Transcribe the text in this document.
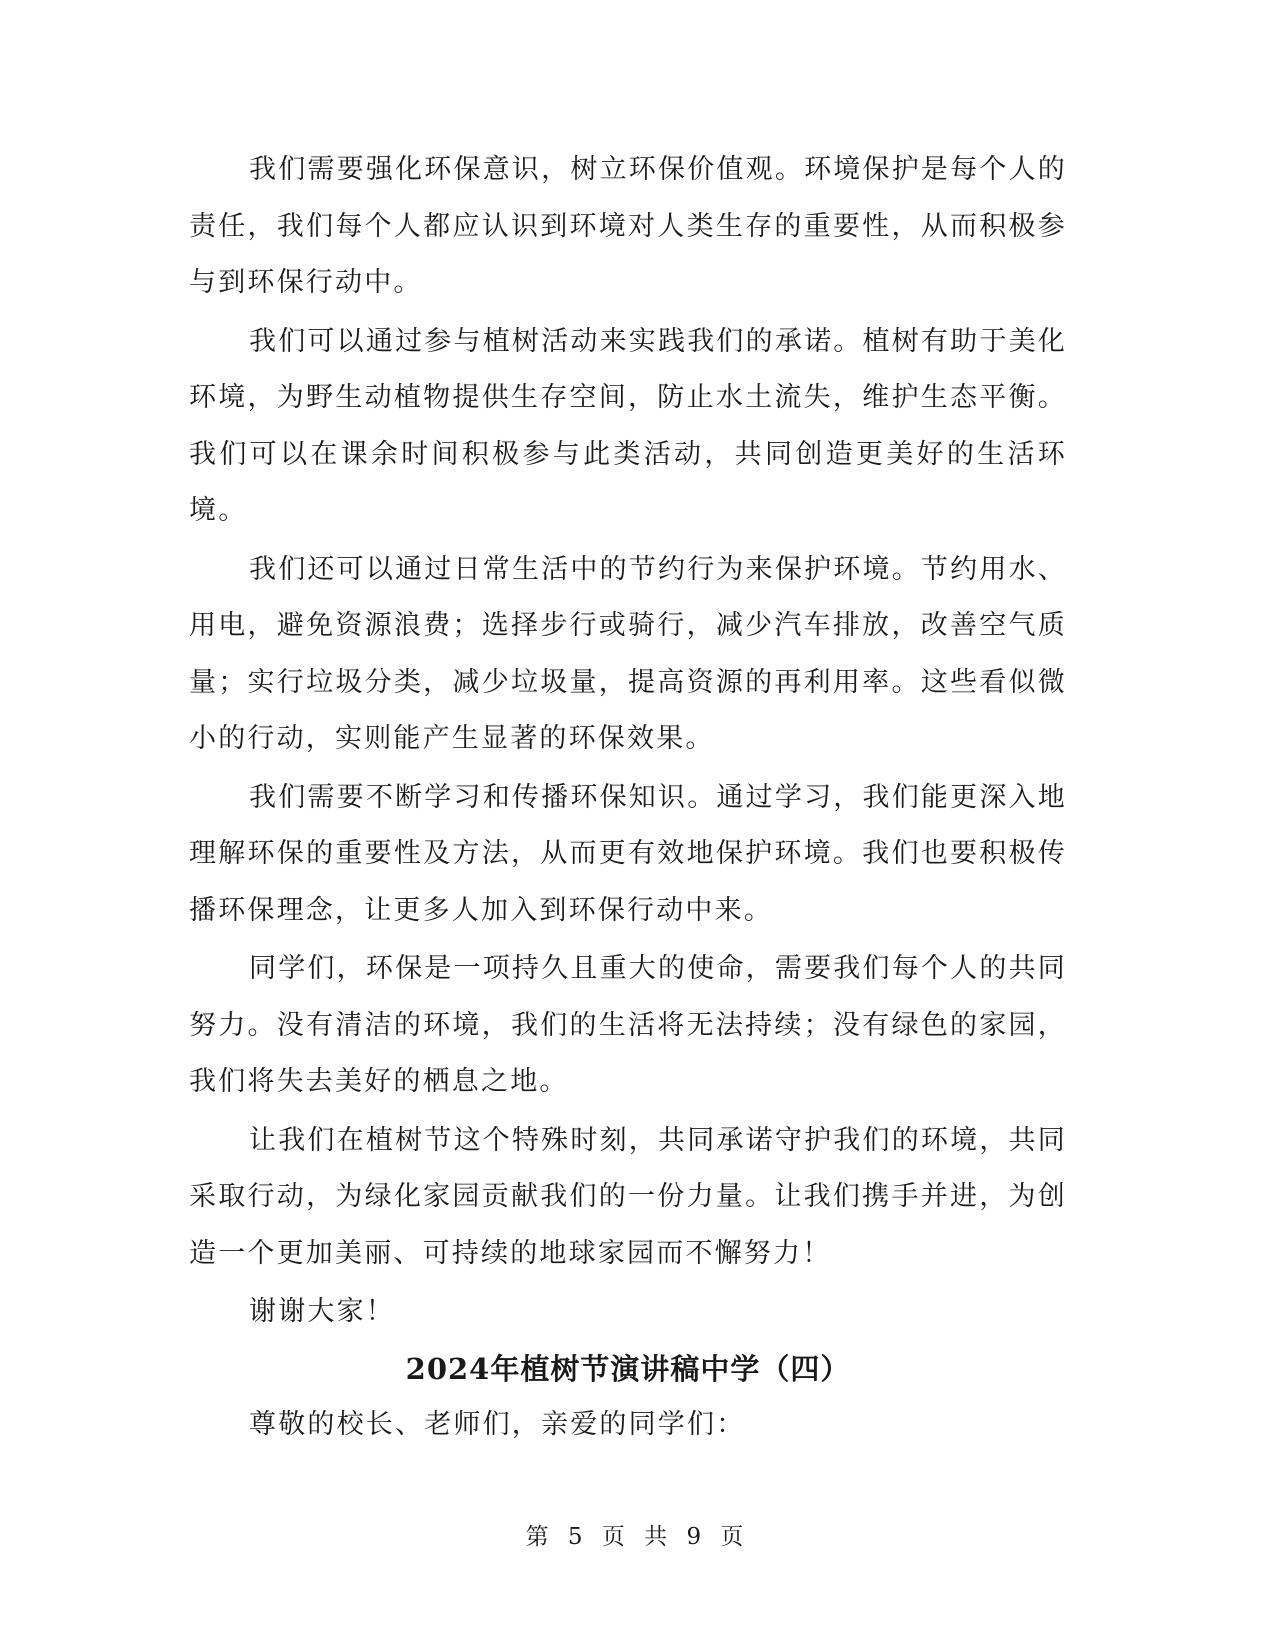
我们需要强化环保意识，树立环保价值观。环境保护是每个人的责任，我们每个人都应认识到环境对人类生存的重要性，从而积极参与到环保行动中。

我们可以通过参与植树活动来实践我们的承诺。植树有助于美化环境，为野生动植物提供生存空间，防止水土流失，维护生态平衡。我们可以在课余时间积极参与此类活动，共同创造更美好的生活环境。

我们还可以通过日常生活中的节约行为来保护环境。节约用水、用电，避免资源浪费；选择步行或骑行，减少汽车排放，改善空气质量；实行垃圾分类，减少垃圾量，提高资源的再利用率。这些看似微小的行动，实则能产生显著的环保效果。

我们需要不断学习和传播环保知识。通过学习，我们能更深入地理解环保的重要性及方法，从而更有效地保护环境。我们也要积极传播环保理念，让更多人加入到环保行动中来。

同学们，环保是一项持久且重大的使命，需要我们每个人的共同努力。没有清洁的环境，我们的生活将无法持续；没有绿色的家园，我们将失去美好的栖息之地。

让我们在植树节这个特殊时刻，共同承诺守护我们的环境，共同采取行动，为绿化家园贡献我们的一份力量。让我们携手并进，为创造一个更加美丽、可持续的地球家园而不懈努力！

谢谢大家！

2024年植树节演讲稿中学（四）

尊敬的校长、老师们，亲爱的同学们：

第 5 页 共 9 页
